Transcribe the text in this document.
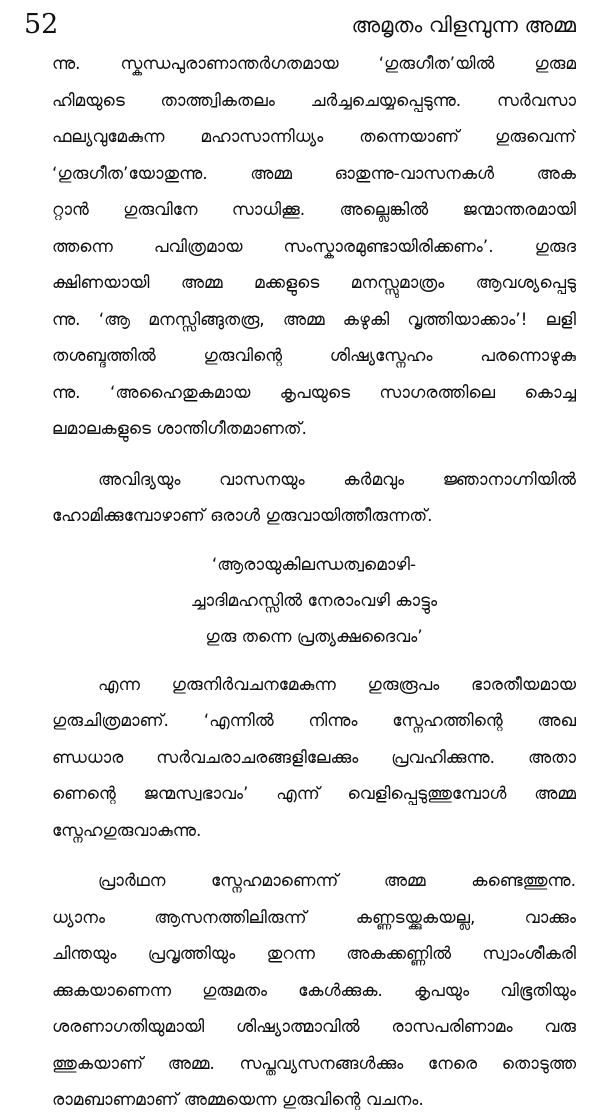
52	അമൃതം വിളമ്പുന്ന അമ്മ

ന്നു. സ്കന്ധപുരാണാന്തർഗതമായ ‘ഗുരുഗീത’യിൽ ഗുരുമ
ഹിമയുടെ താത്ത്വികതലം ചർച്ചചെയ്യപ്പെടുന്നു. സർവസാ
ഫല്യവുമേകുന്ന മഹാസാന്നിധ്യം തന്നെയാണ് ഗുരുവെന്ന്
‘ഗുരുഗീത’യോതുന്നു. അമ്മ ഓതുന്നു-വാസനകൾ അക
റ്റാൻ ഗുരുവിനേ സാധിക്കൂ. അല്ലെങ്കിൽ ജന്മാന്തരമായി
ത്തന്നെ പവിത്രമായ സംസ്കാരമുണ്ടായിരിക്കണം’. ഗുരുദ
ക്ഷിണയായി അമ്മ മക്കളുടെ മനസ്സുമാത്രം ആവശ്യപ്പെടു
ന്നു. ‘ആ മനസ്സിങ്ങുതരൂ, അമ്മ കഴുകി വൃത്തിയാക്കാം’! ലളി
തശബ്ദത്തിൽ ഗുരുവിന്റെ ശിഷ്യസ്നേഹം പരന്നൊഴുകു
ന്നു. ‘അഹൈതുകമായ കൃപയുടെ സാഗരത്തിലെ കൊച്ച
ലമാലകളുടെ ശാന്തിഗീതമാണത്.

അവിദ്യയും വാസനയും കർമവും ജ്ഞാനാഗ്നിയിൽ
ഹോമിക്കുമ്പോഴാണ് ഒരാൾ ഗുരുവായിത്തീരുന്നത്.

‘ആരായുകിലന്ധത്വമൊഴി-
ച്ചാദിമഹസ്സിൽ നേരാംവഴി കാട്ടും
ഗുരു തന്നെ പ്രത്യക്ഷദൈവം’

എന്ന ഗുരുനിർവചനമേകുന്ന ഗുരുരൂപം ഭാരതീയമായ
ഗുരുചിത്രമാണ്. ‘എന്നിൽ നിന്നും സ്നേഹത്തിന്റെ അഖ
ണ്ഡധാര സർവചരാചരങ്ങളിലേക്കും പ്രവഹിക്കുന്നു. അതാ
ണെന്റെ ജന്മസ്വഭാവം’ എന്ന് വെളിപ്പെടുത്തുമ്പോൾ അമ്മ
സ്നേഹഗുരുവാകുന്നു.

പ്രാർഥന സ്നേഹമാണെന്ന് അമ്മ കണ്ടെത്തുന്നു.
ധ്യാനം ആസനത്തിലിരുന്ന് കണ്ണടയ്ക്കുകയല്ല, വാക്കും
ചിന്തയും പ്രവൃത്തിയും തുറന്ന അകക്കണ്ണിൽ സ്വാംശീകരി
ക്കുകയാണെന്ന ഗുരുമതം കേൾക്കുക. കൃപയും വിഭൂതിയും
ശരണാഗതിയുമായി ശിഷ്യാത്മാവിൽ രാസപരിണാമം വരു
ത്തുകയാണ് അമ്മ. സപ്തവ്യസനങ്ങൾക്കും നേരെ തൊടുത്ത
രാമബാണമാണ് അമ്മയെന്ന ഗുരുവിന്റെ വചനം.
